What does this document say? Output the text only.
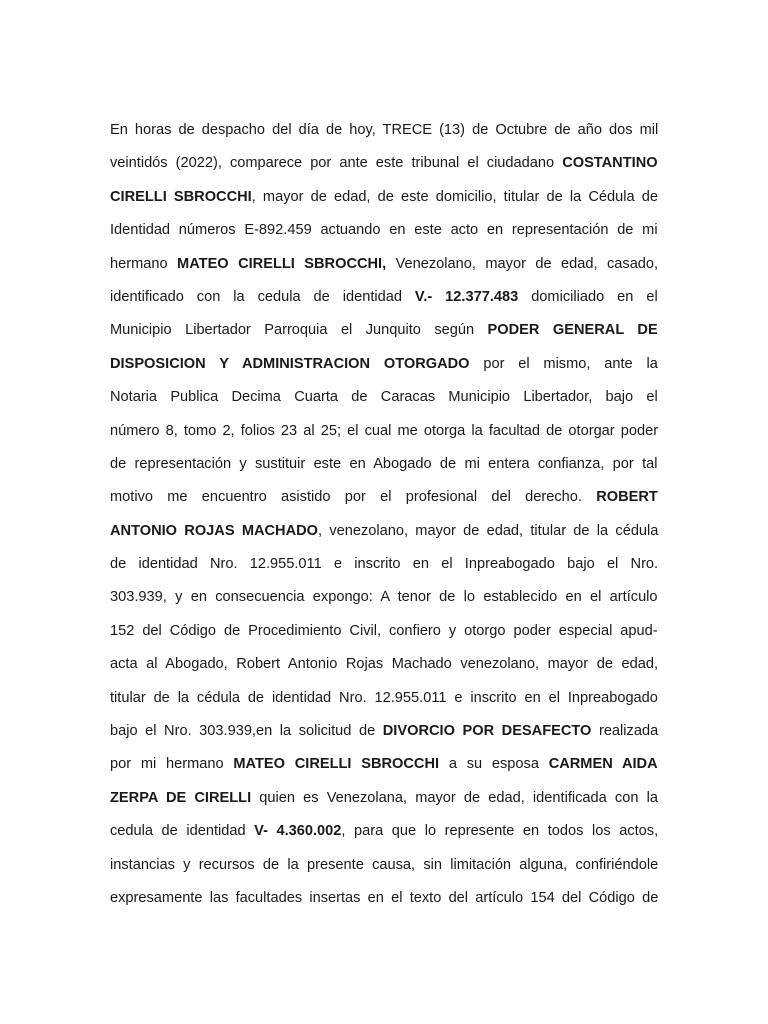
En horas de despacho del día de hoy, TRECE (13) de Octubre de año dos mil
veintidós (2022), comparece por ante este tribunal el ciudadano COSTANTINO
CIRELLI SBROCCHI, mayor de edad, de este domicilio, titular de la Cédula de
Identidad números E-892.459 actuando en este acto en representación de mi
hermano MATEO CIRELLI SBROCCHI, Venezolano, mayor de edad, casado,
identificado con la cedula de identidad V.- 12.377.483 domiciliado en el
Municipio Libertador Parroquia el Junquito según PODER GENERAL DE
DISPOSICION Y ADMINISTRACION OTORGADO por el mismo, ante la
Notaria Publica Decima Cuarta de Caracas Municipio Libertador, bajo el
número 8, tomo 2, folios 23 al 25; el cual me otorga la facultad de otorgar poder
de representación y sustituir este en Abogado de mi entera confianza, por tal
motivo me encuentro asistido por el profesional del derecho. ROBERT
ANTONIO ROJAS MACHADO, venezolano, mayor de edad, titular de la cédula
de identidad Nro. 12.955.011 e inscrito en el Inpreabogado bajo el Nro.
303.939, y en consecuencia expongo: A tenor de lo establecido en el artículo
152 del Código de Procedimiento Civil, confiero y otorgo poder especial apud-
acta al Abogado, Robert Antonio Rojas Machado venezolano, mayor de edad,
titular de la cédula de identidad Nro. 12.955.011 e inscrito en el Inpreabogado
bajo el Nro. 303.939,en la solicitud de DIVORCIO POR DESAFECTO realizada
por mi hermano MATEO CIRELLI SBROCCHI a su esposa CARMEN AIDA
ZERPA DE CIRELLI quien es Venezolana, mayor de edad, identificada con la
cedula de identidad V- 4.360.002, para que lo represente en todos los actos,
instancias y recursos de la presente causa, sin limitación alguna, confiriéndole
expresamente las facultades insertas en el texto del artículo 154 del Código de
